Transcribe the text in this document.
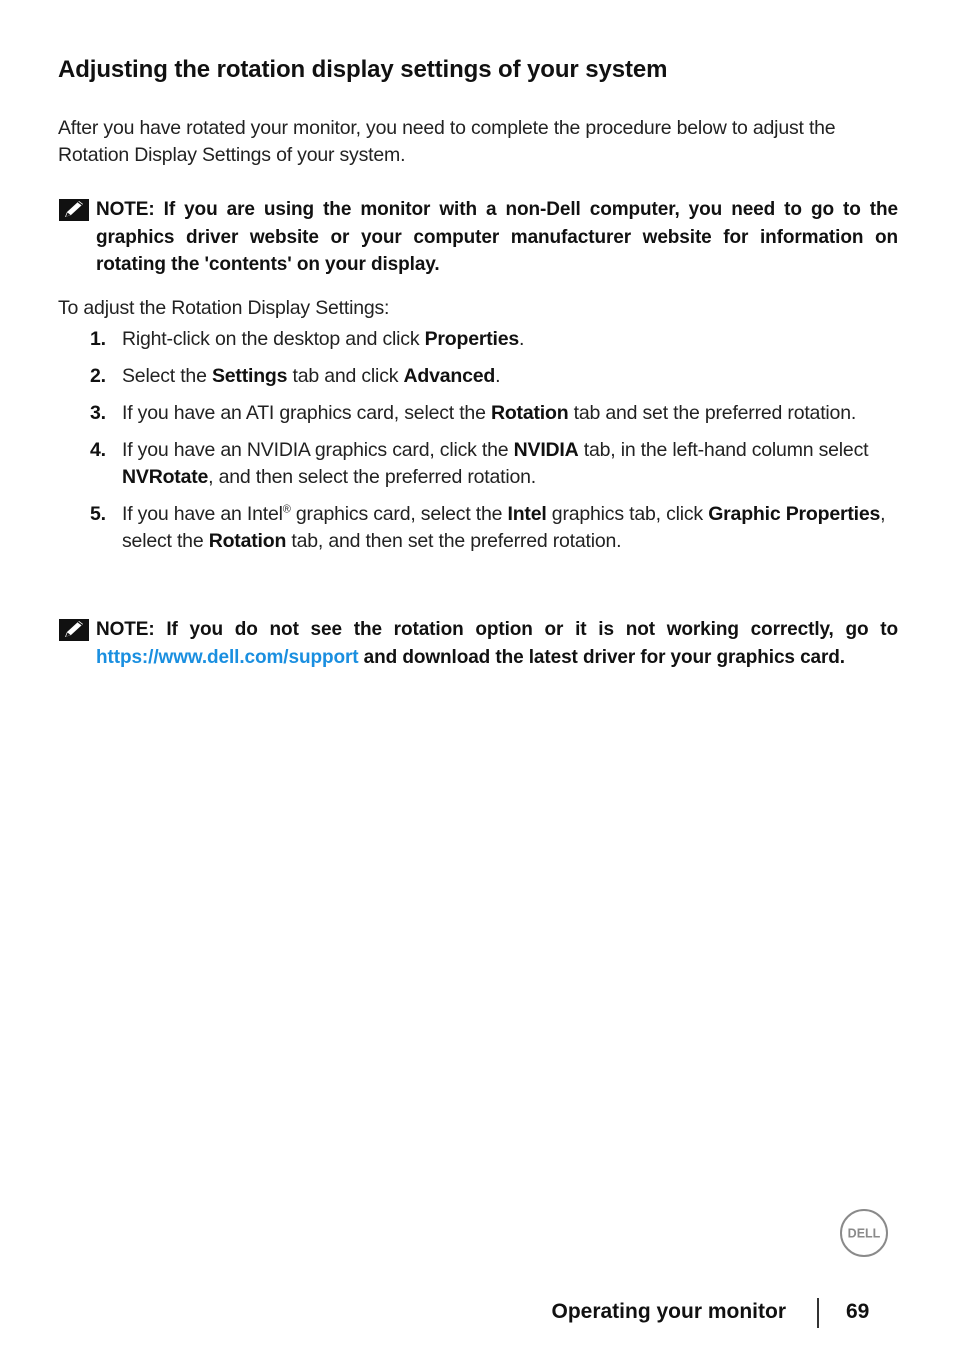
Adjusting the rotation display settings of your system

After you have rotated your monitor, you need to complete the procedure below to adjust the Rotation Display Settings of your system.

NOTE: If you are using the monitor with a non-Dell computer, you need to go to the graphics driver website or your computer manufacturer website for information on rotating the 'contents' on your display.

To adjust the Rotation Display Settings:

1. Right-click on the desktop and click Properties.
2. Select the Settings tab and click Advanced.
3. If you have an ATI graphics card, select the Rotation tab and set the preferred rotation.
4. If you have an NVIDIA graphics card, click the NVIDIA tab, in the left-hand column select NVRotate, and then select the preferred rotation.
5. If you have an Intel® graphics card, select the Intel graphics tab, click Graphic Properties, select the Rotation tab, and then set the preferred rotation.

NOTE: If you do not see the rotation option or it is not working correctly, go to https://www.dell.com/support and download the latest driver for your graphics card.

DELL
Operating your monitor	69
